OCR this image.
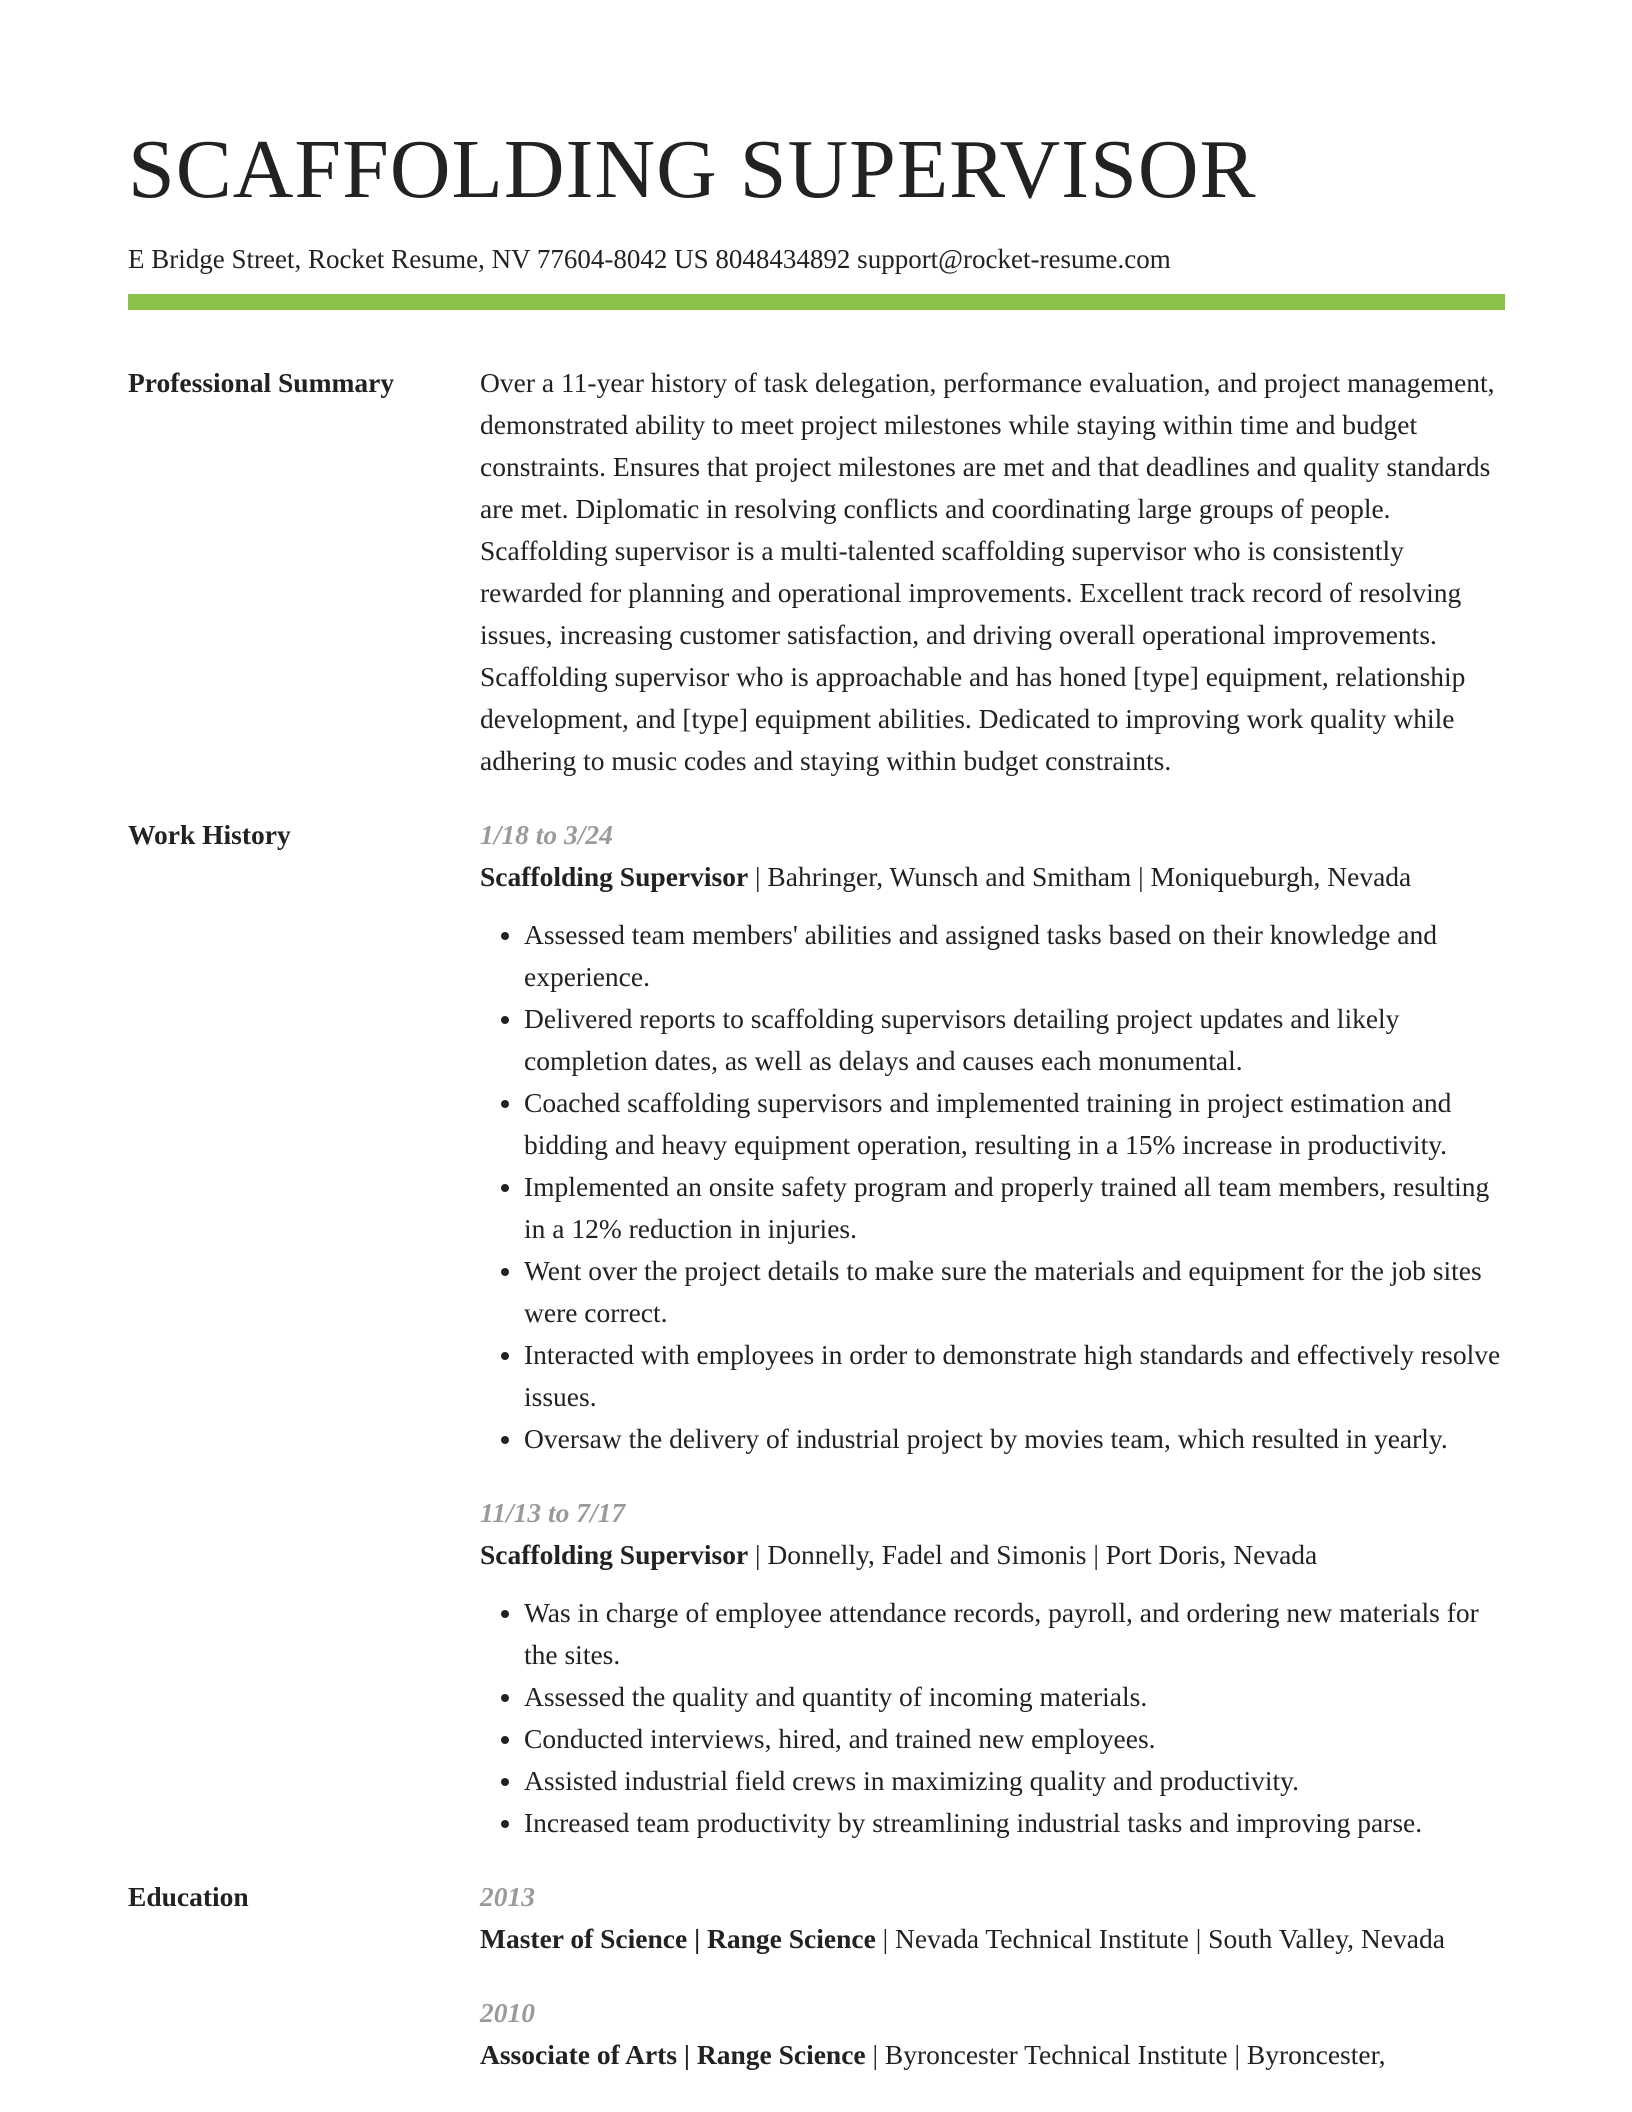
SCAFFOLDING SUPERVISOR
E Bridge Street, Rocket Resume, NV 77604-8042 US 8048434892 support@rocket-resume.com
Professional Summary	Over a 11-year history of task delegation, performance evaluation, and project management, demonstrated ability to meet project milestones while staying within time and budget constraints. Ensures that project milestones are met and that deadlines and quality standards are met. Diplomatic in resolving conflicts and coordinating large groups of people. Scaffolding supervisor is a multi-talented scaffolding supervisor who is consistently rewarded for planning and operational improvements. Excellent track record of resolving issues, increasing customer satisfaction, and driving overall operational improvements. Scaffolding supervisor who is approachable and has honed [type] equipment, relationship development, and [type] equipment abilities. Dedicated to improving work quality while adhering to music codes and staying within budget constraints.
Work History	1/18 to 3/24
Scaffolding Supervisor | Bahringer, Wunsch and Smitham | Moniqueburgh, Nevada
• Assessed team members' abilities and assigned tasks based on their knowledge and experience.
• Delivered reports to scaffolding supervisors detailing project updates and likely completion dates, as well as delays and causes each monumental.
• Coached scaffolding supervisors and implemented training in project estimation and bidding and heavy equipment operation, resulting in a 15% increase in productivity.
• Implemented an onsite safety program and properly trained all team members, resulting in a 12% reduction in injuries.
• Went over the project details to make sure the materials and equipment for the job sites were correct.
• Interacted with employees in order to demonstrate high standards and effectively resolve issues.
• Oversaw the delivery of industrial project by movies team, which resulted in yearly.
11/13 to 7/17
Scaffolding Supervisor | Donnelly, Fadel and Simonis | Port Doris, Nevada
• Was in charge of employee attendance records, payroll, and ordering new materials for the sites.
• Assessed the quality and quantity of incoming materials.
• Conducted interviews, hired, and trained new employees.
• Assisted industrial field crews in maximizing quality and productivity.
• Increased team productivity by streamlining industrial tasks and improving parse.
Education	2013
Master of Science | Range Science | Nevada Technical Institute | South Valley, Nevada
2010
Associate of Arts | Range Science | Byroncester Technical Institute | Byroncester,
